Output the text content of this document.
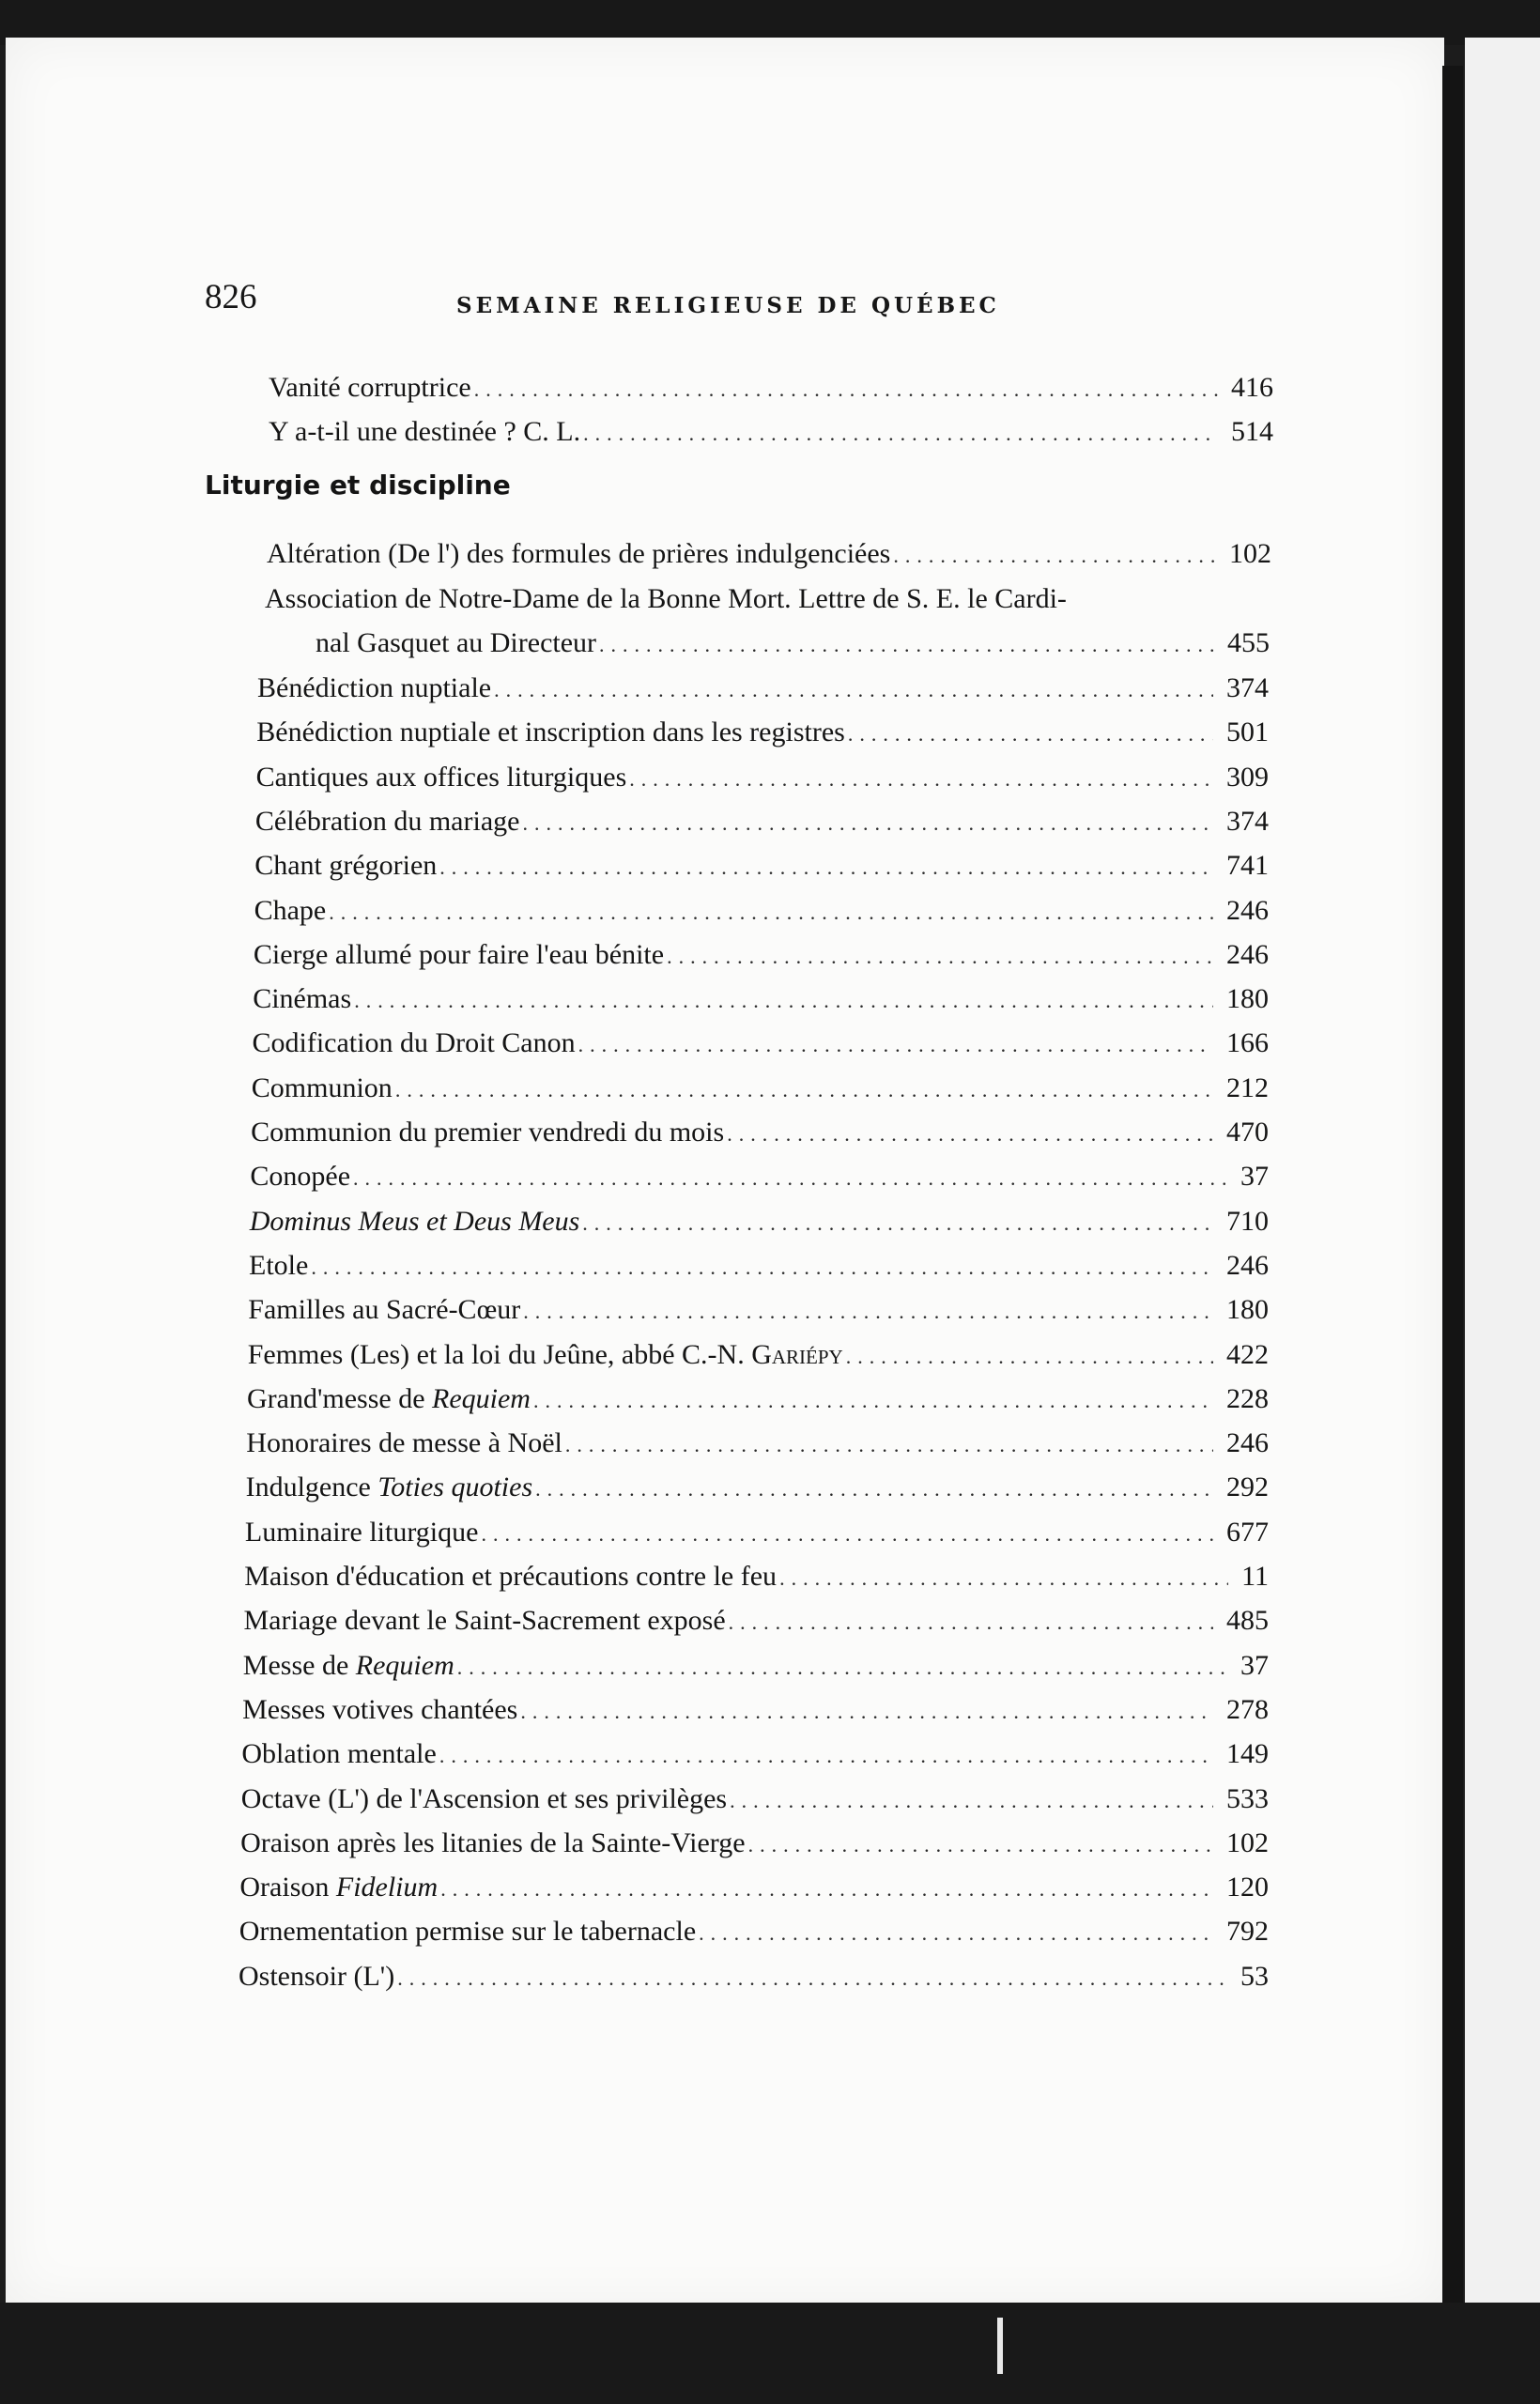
826	SEMAINE RELIGIEUSE DE QUÉBEC
Vanité corruptrice .....	416
Y a-t-il une destinée ? C. L. .....	514
Liturgie et discipline
Altération (De l') des formules de prières indulgenciées .....	102
Association de Notre-Dame de la Bonne Mort. Lettre de S. E. le Cardi-
nal Gasquet au Directeur .....	455
Bénédiction nuptiale .....	374
Bénédiction nuptiale et inscription dans les registres .....	501
Cantiques aux offices liturgiques .....	309
Célébration du mariage .....	374
Chant grégorien .....	741
Chape .....	246
Cierge allumé pour faire l'eau bénite .....	246
Cinémas .....	180
Codification du Droit Canon .....	166
Communion .....	212
Communion du premier vendredi du mois .....	470
Conopée .....	37
Dominus Meus et Deus Meus .....	710
Etole .....	246
Familles au Sacré-Cœur .....	180
Femmes (Les) et la loi du Jeûne, abbé C.-N. Gariépy .....	422
Grand'messe de Requiem .....	228
Honoraires de messe à Noël .....	246
Indulgence Toties quoties .....	292
Luminaire liturgique .....	677
Maison d'éducation et précautions contre le feu .....	11
Mariage devant le Saint-Sacrement exposé .....	485
Messe de Requiem .....	37
Messes votives chantées .....	278
Oblation mentale .....	149
Octave (L') de l'Ascension et ses privilèges .....	533
Oraison après les litanies de la Sainte-Vierge .....	102
Oraison Fidelium .....	120
Ornementation permise sur le tabernacle .....	792
Ostensoir (L') .....	53
